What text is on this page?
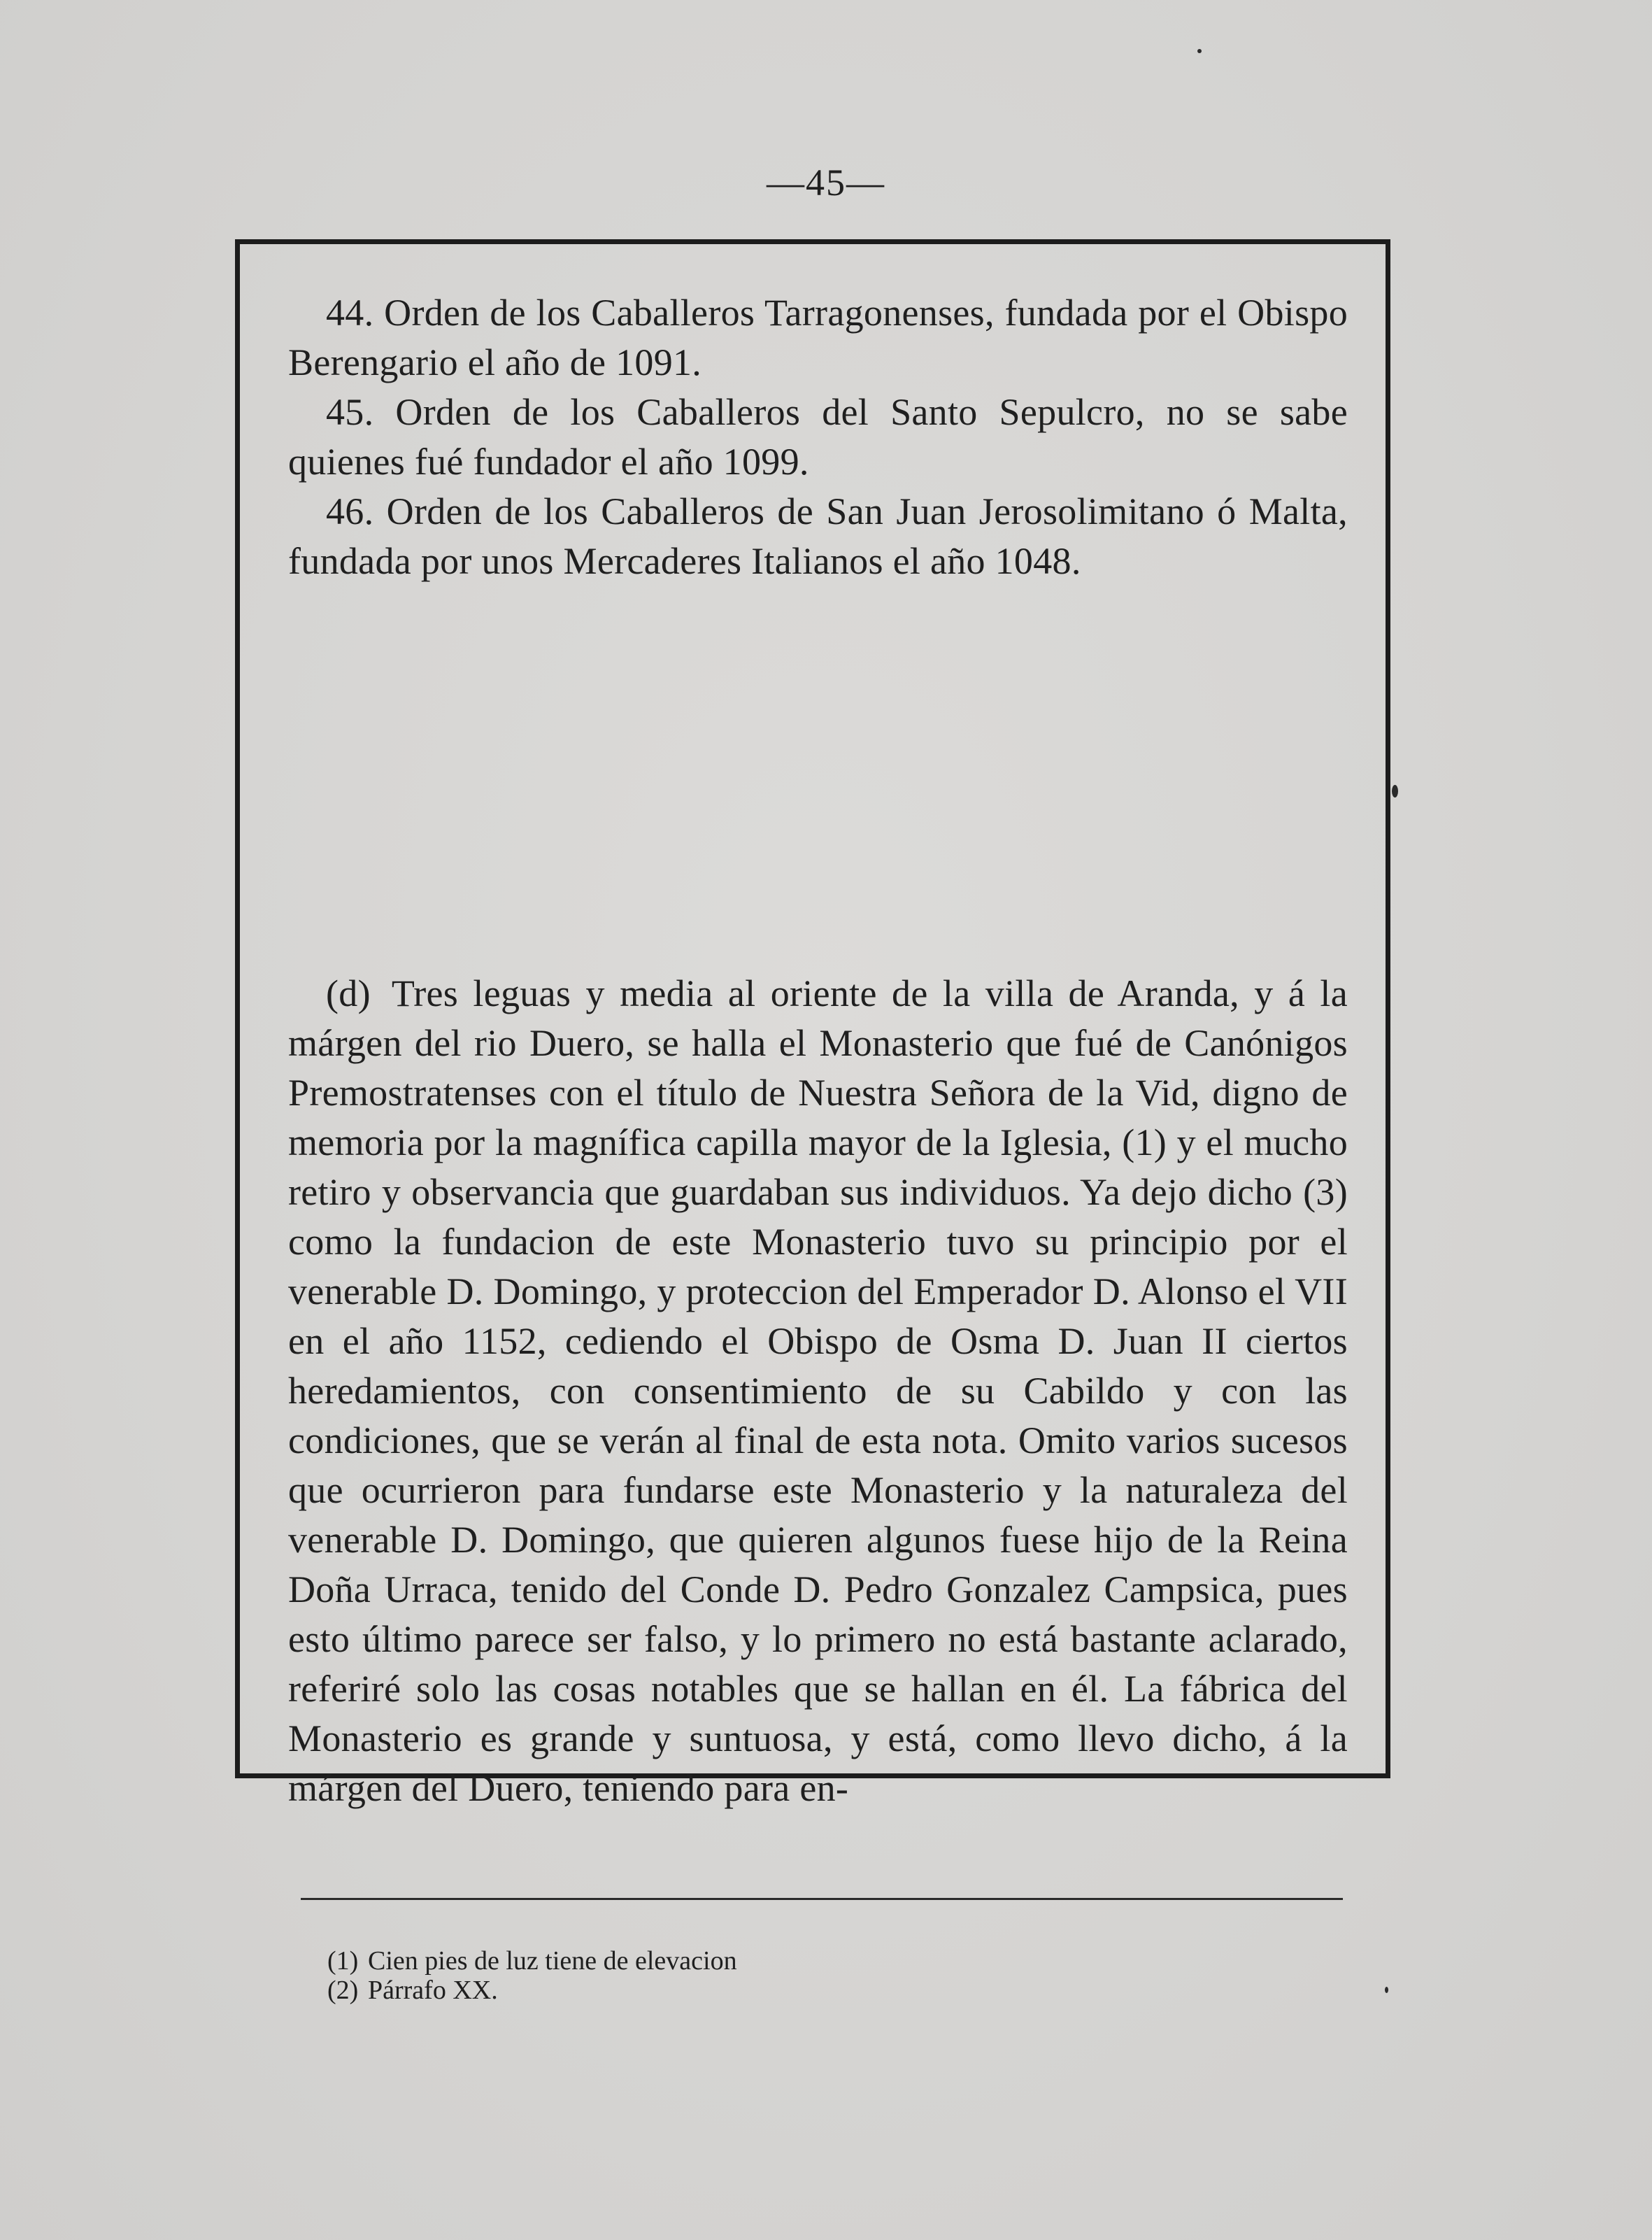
—45—

44. Orden de los Caballeros Tarragonenses, fundada por el Obispo Berengario el año de 1091.

45. Orden de los Caballeros del Santo Sepulcro, no se sabe quienes fué fundador el año 1099.

46. Orden de los Caballeros de San Juan Jerosolimitano ó Malta, fundada por unos Mercaderes Italianos el año 1048.

(d) Tres leguas y media al oriente de la villa de Aranda, y á la márgen del rio Duero, se halla el Monasterio que fué de Canónigos Premostratenses con el título de Nuestra Señora de la Vid, digno de memoria por la magnífica capilla mayor de la Iglesia, (1) y el mucho retiro y observancia que guardaban sus individuos. Ya dejo dicho (3) como la fundacion de este Monasterio tuvo su principio por el venerable D. Domingo, y proteccion del Emperador D. Alonso el VII en el año 1152, cediendo el Obispo de Osma D. Juan II ciertos heredamientos, con consentimiento de su Cabildo y con las condiciones, que se verán al final de esta nota. Omito varios sucesos que ocurrieron para fundarse este Monasterio y la naturaleza del venerable D. Domingo, que quieren algunos fuese hijo de la Reina Doña Urraca, tenido del Conde D. Pedro Gonzalez Campsica, pues esto último parece ser falso, y lo primero no está bastante aclarado, referiré solo las cosas notables que se hallan en él. La fábrica del Monasterio es grande y suntuosa, y está, como llevo dicho, á la márgen del Duero, teniendo para en-

(1) Cien pies de luz tiene de elevacion
(2) Párrafo XX.
